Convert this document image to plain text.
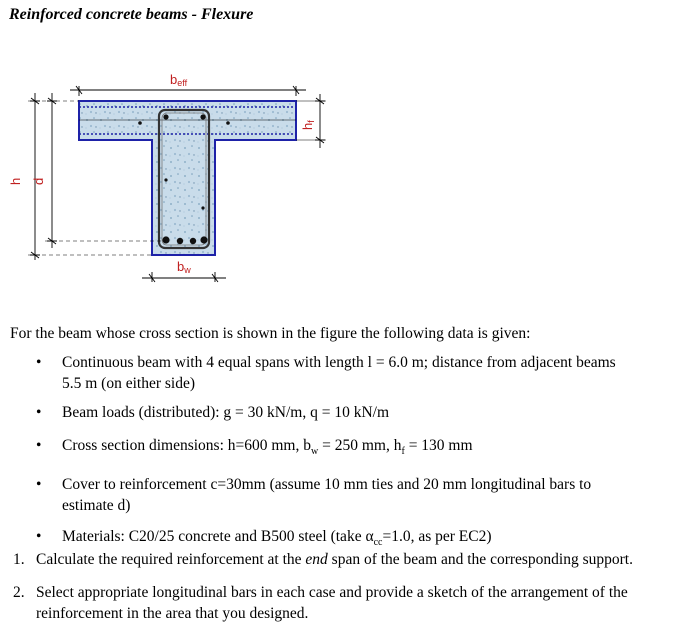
Reinforced concrete beams - Flexure
beff
bw
hf
h d

For the beam whose cross section is shown in the figure the following data is given:

• Continuous beam with 4 equal spans with length l = 6.0 m; distance from adjacent beams
5.5 m (on either side)
• Beam loads (distributed): g = 30 kN/m, q = 10 kN/m
• Cross section dimensions: h=600 mm, $b_w = 250$ mm, $h_f = 130$ mm
• Cover to reinforcement c=30mm (assume 10 mm ties and 20 mm longitudinal bars to
estimate d)
• Materials: C20/25 concrete and B500 steel (take $\alpha_{cc}=1.0$, as per EC2)
1. Calculate the required reinforcement at the end span of the beam and the corresponding support.
2. Select appropriate longitudinal bars in each case and provide a sketch of the arrangement of the
reinforcement in the area that you designed.
